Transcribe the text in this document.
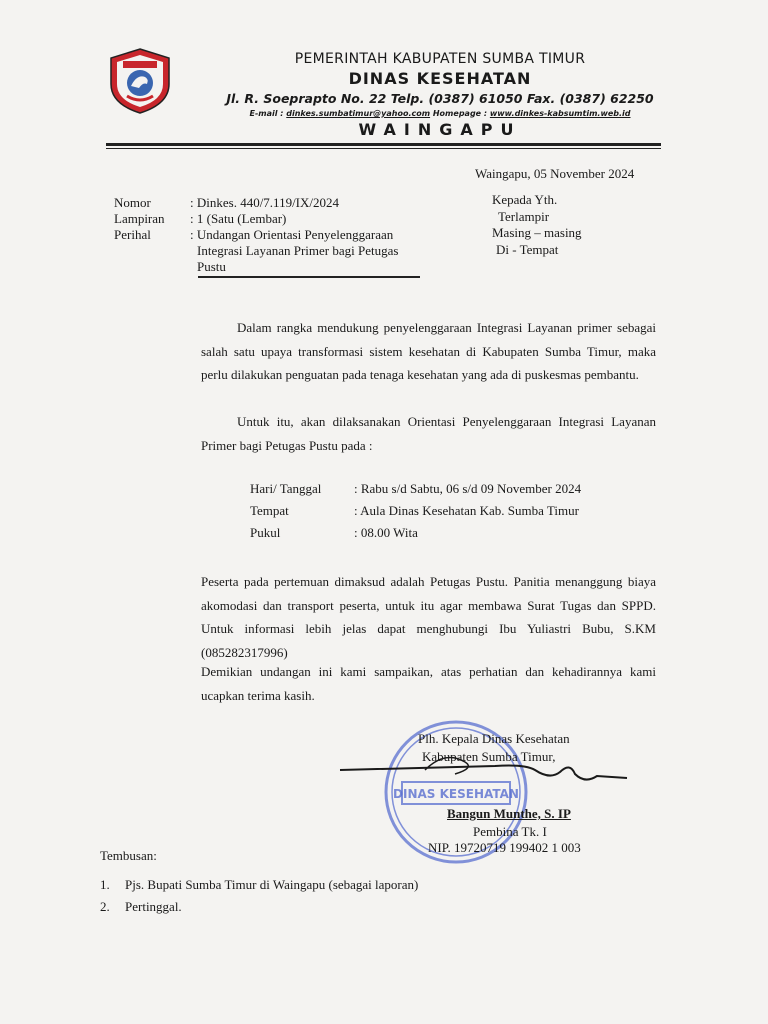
PEMERINTAH KABUPATEN SUMBA TIMUR
DINAS KESEHATAN
Jl. R. Soeprapto No. 22 Telp. (0387) 61050 Fax. (0387) 62250
E-mail : dinkes.sumbatimur@yahoo.com Homepage : www.dinkes-kabsumtim.web.id
WAINGAPU
Waingapu, 05 November 2024
Kepada Yth.
Terlampir
Masing – masing
Di - Tempat
Nomor	: Dinkes. 440/7.119/IX/2024
Lampiran	: 1 (Satu (Lembar)
Perihal	: Undangan Orientasi Penyelenggaraan
Integrasi Layanan Primer bagi Petugas
Pustu
Dalam rangka mendukung penyelenggaraan Integrasi Layanan primer sebagai salah satu upaya transformasi sistem kesehatan di Kabupaten Sumba Timur, maka perlu dilakukan penguatan pada tenaga kesehatan yang ada di puskesmas pembantu.
Untuk itu, akan dilaksanakan Orientasi Penyelenggaraan Integrasi Layanan Primer bagi Petugas Pustu pada :
Hari/ Tanggal	: Rabu s/d Sabtu, 06 s/d 09 November 2024
Tempat	: Aula Dinas Kesehatan Kab. Sumba Timur
Pukul	: 08.00 Wita
Peserta pada pertemuan dimaksud adalah Petugas Pustu. Panitia menanggung biaya akomodasi dan transport peserta, untuk itu agar membawa Surat Tugas dan SPPD. Untuk informasi lebih jelas dapat menghubungi Ibu Yuliastri Bubu, S.KM (085282317996)
Demikian undangan ini kami sampaikan, atas perhatian dan kehadirannya kami ucapkan terima kasih.
DINAS KESEHATAN
Plh. Kepala Dinas Kesehatan
Kabupaten Sumba Timur,
Bangun Munthe, S. IP
Pembina Tk. I
NIP. 19720719 199402 1 003
Tembusan:
1.	Pjs. Bupati Sumba Timur di Waingapu (sebagai laporan)
2.	Pertinggal.
